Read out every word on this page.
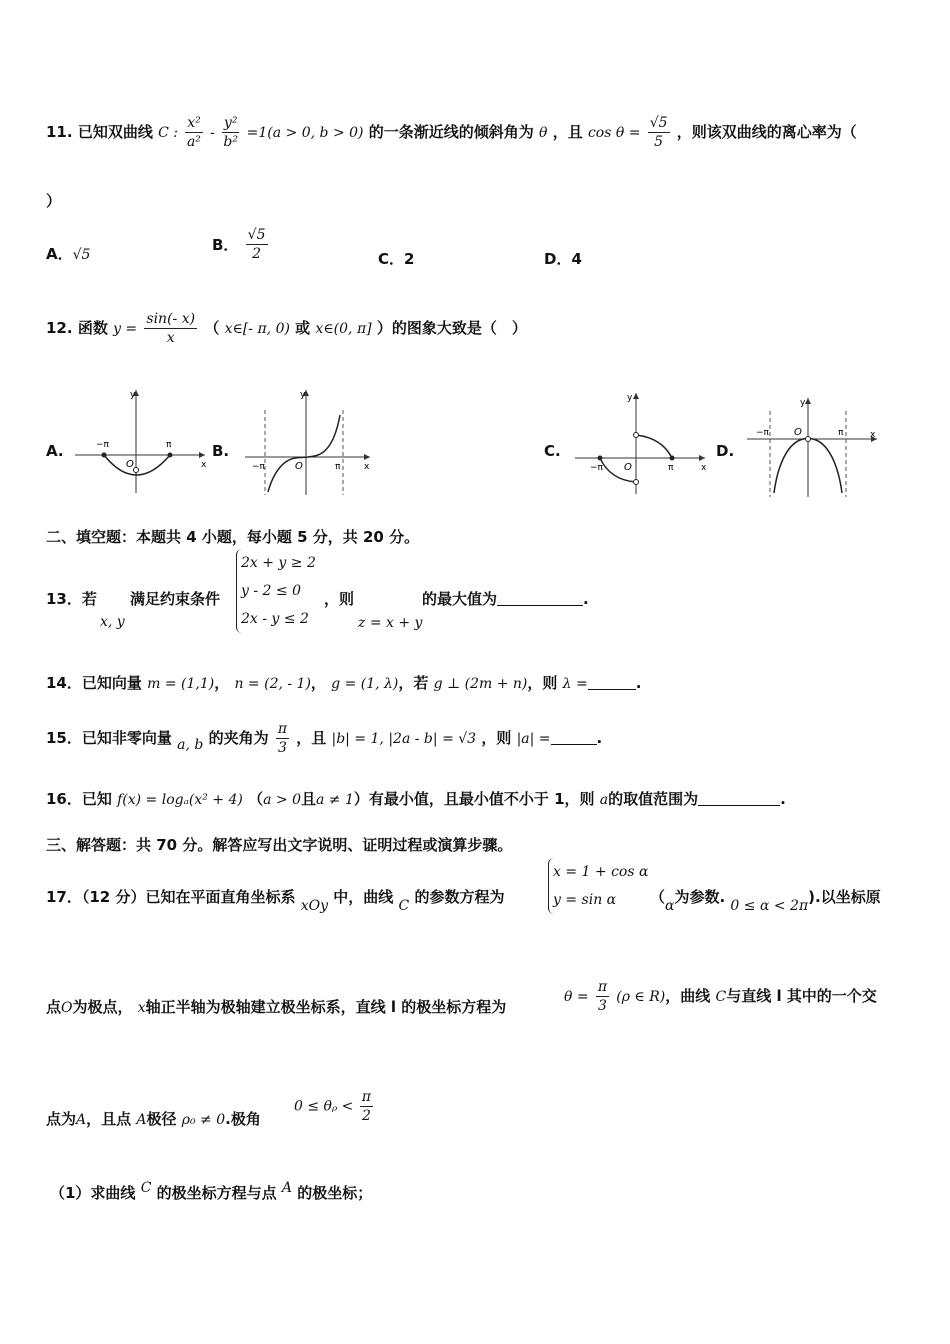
11. 已知双曲线 C : $\frac{\text{x²}}{\text{a²}} - \frac{\text{y²}}{\text{b²}} =1(a > 0$, b > 0) 的一条渐近线的倾斜角为 θ ，且 $\cos \theta = \frac{√5}{5}$ ，则该双曲线的离心率为（
）
A．√5
B． $\frac{√5}{2}$	C．2	D．4
12. 函数 $y = \frac{\sin(- x)}{x}$ （ x∈[- π, 0) 或 x∈(0, π] ）的图象大致是（　）
A.	B.	C.	D.
y
x
O
−π	π
y
x
O
−π	π
y
x
O
−π	π
y
x
O
−π	π
二、填空题：本题共 4 小题，每小题 5 分，共 20 分。
13．若
x, y
满足约束条件
2x + y ≥ 2
y - 2 ≤ 0
2x - y ≤ 2
，则
z = x + y
的最大值为	.
14．已知向量 m = (1,1)， n = (2, - 1)， g = (1, λ)，若 g ⊥ (2m + n)，则 λ =	.
15．已知非零向量 a, b 的夹角为 $\frac{\pi}{3}$ ，且 |b| = 1, |2a - b| = √3 ，则 |a| =	.
16．已知 f(x) = logₐ(x² + 4) （a > 0且a ≠ 1）有最小值，且最小值不小于 1，则 a的取值范围为	.
三、解答题：共 70 分。解答应写出文字说明、证明过程或演算步骤。
17．（12 分）已知在平面直角坐标系 xOy 中，曲线 C 的参数方程为
x = 1 + cos α
y = sin α	（α为参数. 0 ≤ α < 2π).以坐标原
点O为极点， x轴正半轴为极轴建立极坐标系，直线 l 的极坐标方程为
$\theta = \frac{\pi}{3} (\rho$ ∈ R)，曲线 C与直线 l 其中的一个交
点为A，且点 A极径 ρ₀ ≠ 0.极角
0 ≤ θᵨ < $\frac{\pi}{2}$
（1）求曲线 C 的极坐标方程与点 A 的极坐标；
